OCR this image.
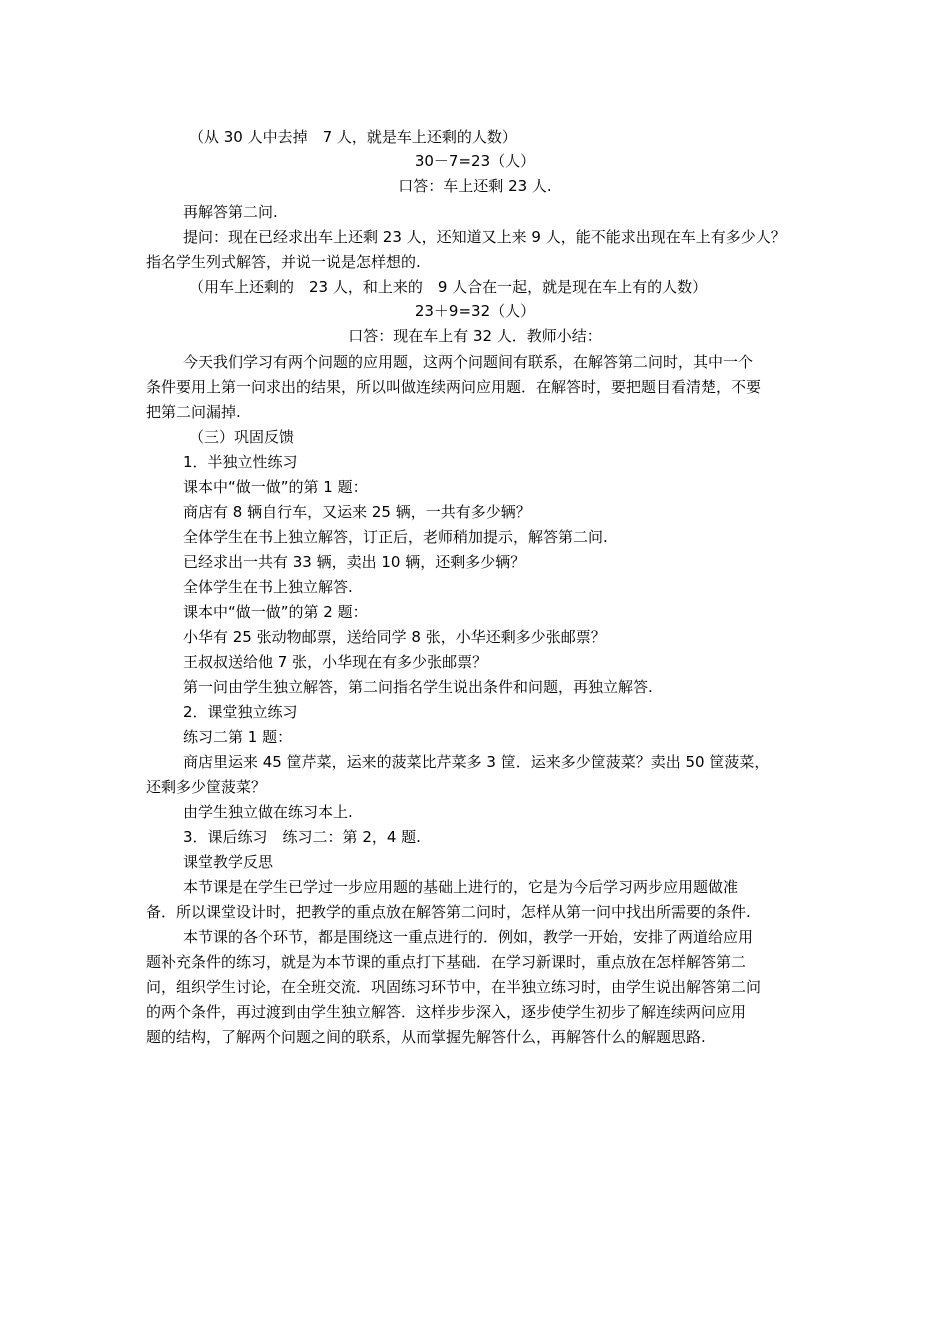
（从 30 人中去掉　7 人，就是车上还剩的人数）
30－7=23（人）
口答：车上还剩 23 人.
再解答第二问.
提问：现在已经求出车上还剩 23 人，还知道又上来 9 人，能不能求出现在车上有多少人？
指名学生列式解答，并说一说是怎样想的.
（用车上还剩的　23 人，和上来的　9 人合在一起，就是现在车上有的人数）
23＋9=32（人）
口答：现在车上有 32 人．教师小结：
今天我们学习有两个问题的应用题，这两个问题间有联系，在解答第二问时，其中一个
条件要用上第一问求出的结果，所以叫做连续两问应用题．在解答时，要把题目看清楚，不要
把第二问漏掉.
（三）巩固反馈
1．半独立性练习
课本中“做一做”的第 1 题：
商店有 8 辆自行车，又运来 25 辆，一共有多少辆？
全体学生在书上独立解答，订正后，老师稍加提示，解答第二问.
已经求出一共有 33 辆，卖出 10 辆，还剩多少辆？
全体学生在书上独立解答.
课本中“做一做”的第 2 题：
小华有 25 张动物邮票，送给同学 8 张，小华还剩多少张邮票？
王叔叔送给他 7 张，小华现在有多少张邮票？
第一问由学生独立解答，第二问指名学生说出条件和问题，再独立解答.
2．课堂独立练习
练习二第 1 题：
商店里运来 45 筐芹菜，运来的菠菜比芹菜多 3 筐．运来多少筐菠菜？卖出 50 筐菠菜，
还剩多少筐菠菜？
由学生独立做在练习本上.
3．课后练习　练习二：第 2，4 题.
课堂教学反思
本节课是在学生已学过一步应用题的基础上进行的，它是为今后学习两步应用题做准
备．所以课堂设计时，把教学的重点放在解答第二问时，怎样从第一问中找出所需要的条件.
本节课的各个环节，都是围绕这一重点进行的．例如，教学一开始，安排了两道给应用
题补充条件的练习，就是为本节课的重点打下基础．在学习新课时，重点放在怎样解答第二
问，组织学生讨论，在全班交流．巩固练习环节中，在半独立练习时，由学生说出解答第二问
的两个条件，再过渡到由学生独立解答．这样步步深入，逐步使学生初步了解连续两问应用
题的结构，了解两个问题之间的联系，从而掌握先解答什么，再解答什么的解题思路.
